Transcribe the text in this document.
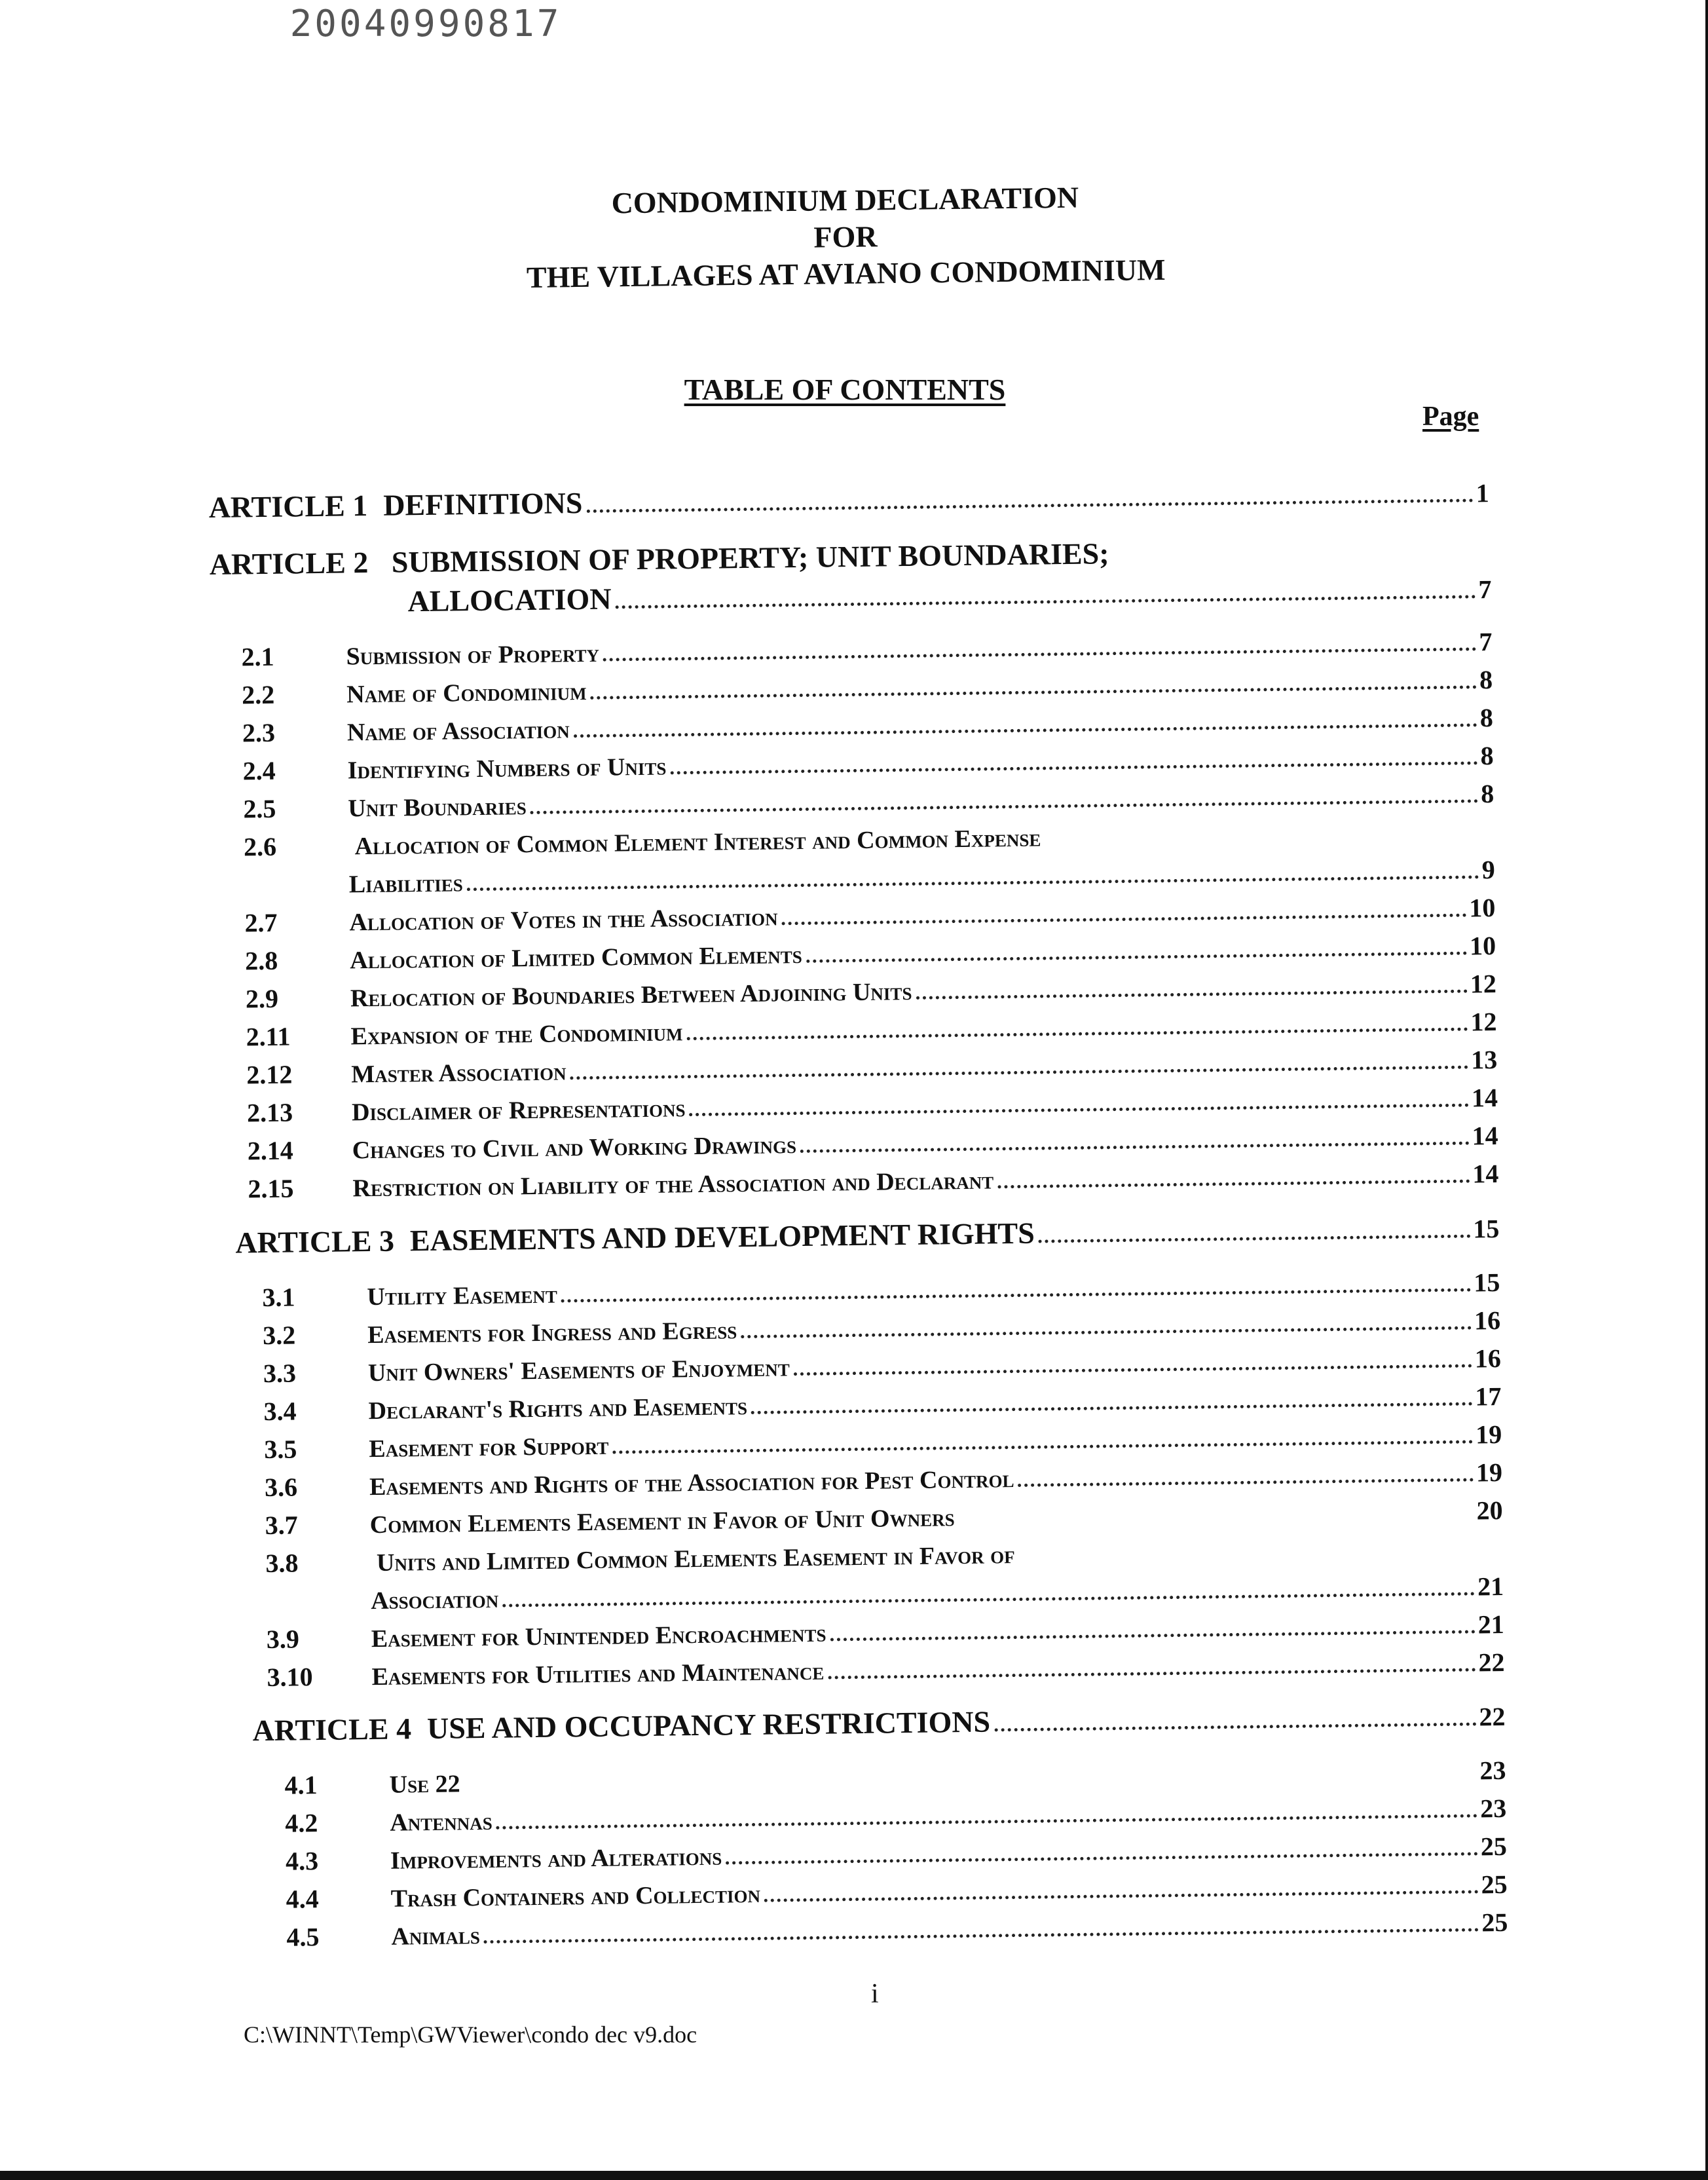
20040990817
CONDOMINIUM DECLARATION
FOR
THE VILLAGES AT AVIANO CONDOMINIUM
TABLE OF CONTENTS
Page
ARTICLE 1 DEFINITIONS	1
ARTICLE 2 SUBMISSION OF PROPERTY; UNIT BOUNDARIES;
ALLOCATION	7
2.1	Submission of Property	7
2.2	Name of Condominium	8
2.3	Name of Association	8
2.4	Identifying Numbers of Units	8
2.5	Unit Boundaries	8
2.6	Allocation of Common Element Interest and Common Expense
Liabilities	9
2.7	Allocation of Votes in the Association	10
2.8	Allocation of Limited Common Elements	10
2.9	Relocation of Boundaries Between Adjoining Units	12
2.11	Expansion of the Condominium	12
2.12	Master Association	13
2.13	Disclaimer of Representations	14
2.14	Changes to Civil and Working Drawings	14
2.15	Restriction on Liability of the Association and Declarant	14
ARTICLE 3 EASEMENTS AND DEVELOPMENT RIGHTS	15
3.1	Utility Easement	15
3.2	Easements for Ingress and Egress	16
3.3	Unit Owners' Easements of Enjoyment	16
3.4	Declarant's Rights and Easements	17
3.5	Easement for Support	19
3.6	Easements and Rights of the Association for Pest Control	19
3.7	Common Elements Easement in Favor of Unit Owners	20
3.8	Units and Limited Common Elements Easement in Favor of
Association	21
3.9	Easement for Unintended Encroachments	21
3.10	Easements for Utilities and Maintenance	22
ARTICLE 4 USE AND OCCUPANCY RESTRICTIONS	22
4.1	Use 22	23
4.2	Antennas	23
4.3	Improvements and Alterations	25
4.4	Trash Containers and Collection	25
4.5	Animals	25
i
C:\WINNT\Temp\GWViewer\condo dec v9.doc
